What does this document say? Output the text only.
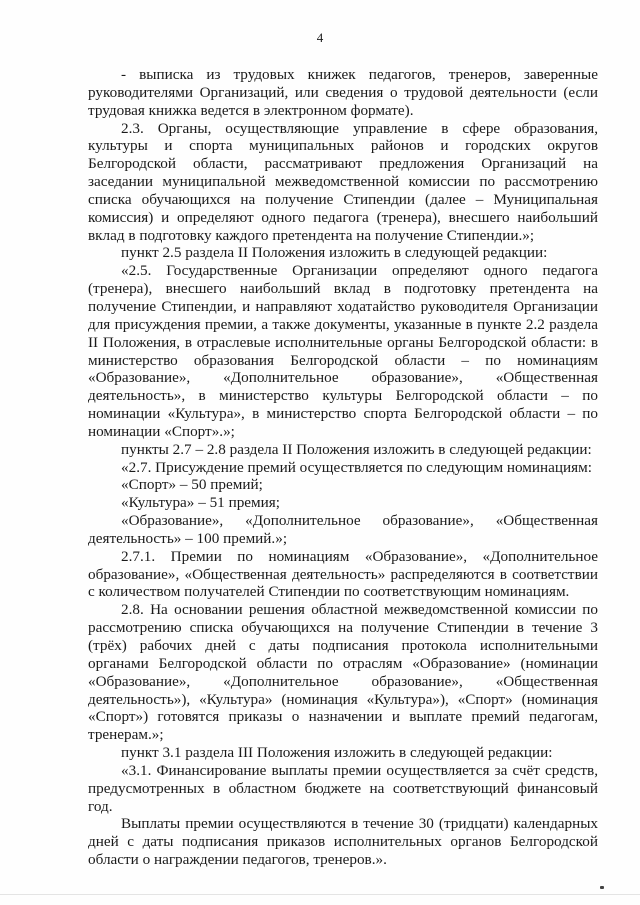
4

- выписка из трудовых книжек педагогов, тренеров, заверенные руководителями Организаций, или сведения о трудовой деятельности (если трудовая книжка ведется в электронном формате).

2.3. Органы, осуществляющие управление в сфере образования, культуры и спорта муниципальных районов и городских округов Белгородской области, рассматривают предложения Организаций на заседании муниципальной межведомственной комиссии по рассмотрению списка обучающихся на получение Стипендии (далее – Муниципальная комиссия) и определяют одного педагога (тренера), внесшего наибольший вклад в подготовку каждого претендента на получение Стипендии.»;

пункт 2.5 раздела II Положения изложить в следующей редакции:

«2.5. Государственные Организации определяют одного педагога (тренера), внесшего наибольший вклад в подготовку претендента на получение Стипендии, и направляют ходатайство руководителя Организации для присуждения премии, а также документы, указанные в пункте 2.2 раздела II Положения, в отраслевые исполнительные органы Белгородской области: в министерство образования Белгородской области – по номинациям «Образование», «Дополнительное образование», «Общественная деятельность», в министерство культуры Белгородской области – по номинации «Культура», в министерство спорта Белгородской области – по номинации «Спорт».»;

пункты 2.7 – 2.8 раздела II Положения изложить в следующей редакции:

«2.7. Присуждение премий осуществляется по следующим номинациям:

«Спорт» – 50 премий;

«Культура» – 51 премия;

«Образование», «Дополнительное образование», «Общественная деятельность» – 100 премий.»;

2.7.1. Премии по номинациям «Образование», «Дополнительное образование», «Общественная деятельность» распределяются в соответствии с количеством получателей Стипендии по соответствующим номинациям.

2.8. На основании решения областной межведомственной комиссии по рассмотрению списка обучающихся на получение Стипендии в течение 3 (трёх) рабочих дней с даты подписания протокола исполнительными органами Белгородской области по отраслям «Образование» (номинации «Образование», «Дополнительное образование», «Общественная деятельность»), «Культура» (номинация «Культура»), «Спорт» (номинация «Спорт») готовятся приказы о назначении и выплате премий педагогам, тренерам.»;

пункт 3.1 раздела III Положения изложить в следующей редакции:

«3.1. Финансирование выплаты премии осуществляется за счёт средств, предусмотренных в областном бюджете на соответствующий финансовый год.

Выплаты премии осуществляются в течение 30 (тридцати) календарных дней с даты подписания приказов исполнительных органов Белгородской области о награждении педагогов, тренеров.».
